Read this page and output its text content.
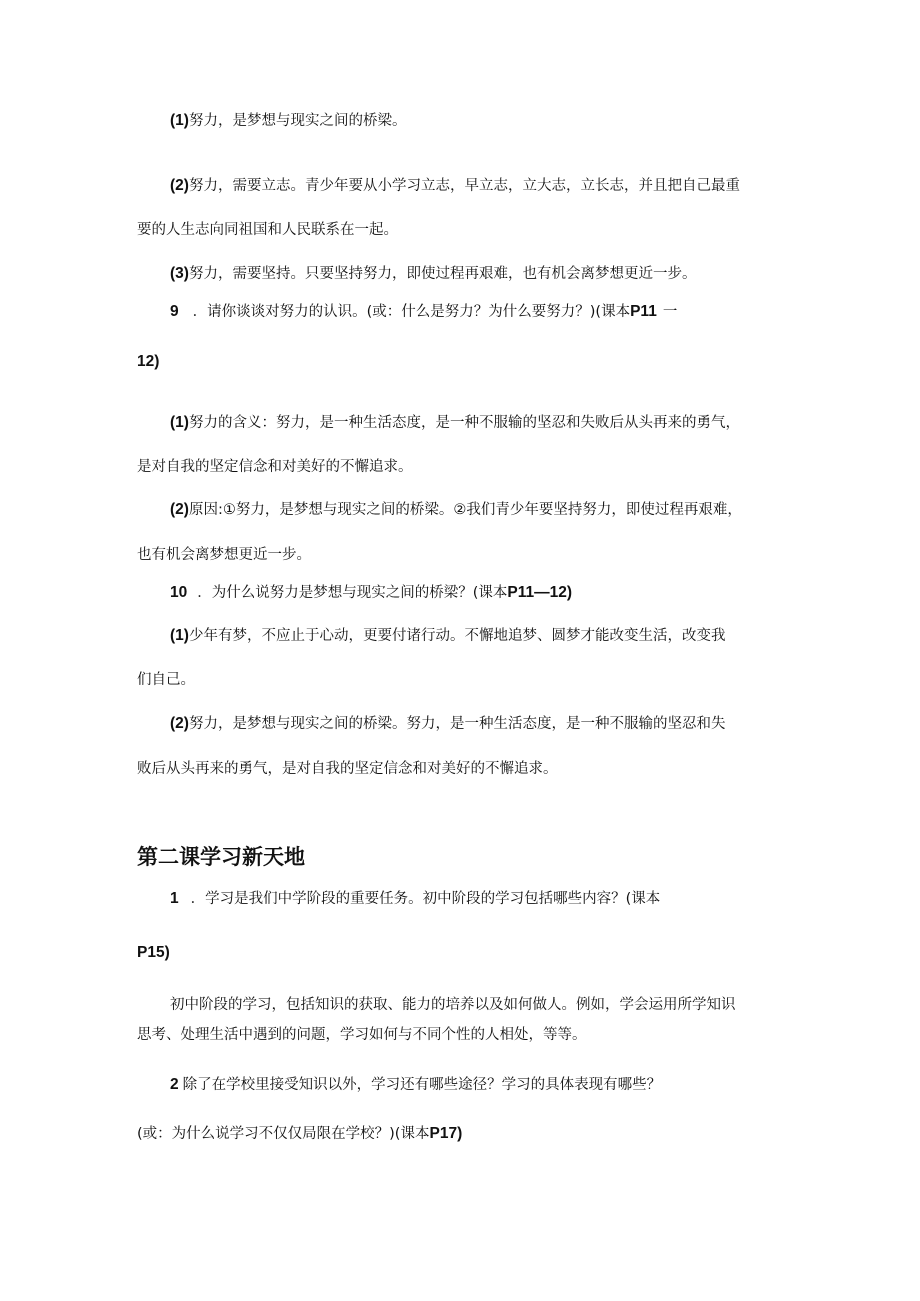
(1)努力，是梦想与现实之间的桥梁。
(2)努力，需要立志。青少年要从小学习立志，早立志，立大志，立长志，并且把自己最重
要的人生志向同祖国和人民联系在一起。
(3)努力，需要坚持。只要坚持努力，即使过程再艰难，也有机会离梦想更近一步。
9 ．请你谈谈对努力的认识。(或：什么是努力？为什么要努力？)(课本P11 一
12)
(1)努力的含义：努力，是一种生活态度，是一种不服输的坚忍和失败后从头再来的勇气，
是对自我的坚定信念和对美好的不懈追求。
(2)原因:①努力，是梦想与现实之间的桥梁。②我们青少年要坚持努力，即使过程再艰难，
也有机会离梦想更近一步。
10 ．为什么说努力是梦想与现实之间的桥梁？(课本P11—12)
(1)少年有梦，不应止于心动，更要付诸行动。不懈地追梦、圆梦才能改变生活，改变我
们自己。
(2)努力，是梦想与现实之间的桥梁。努力，是一种生活态度，是一种不服输的坚忍和失
败后从头再来的勇气，是对自我的坚定信念和对美好的不懈追求。
第二课学习新天地
1 ．学习是我们中学阶段的重要任务。初中阶段的学习包括哪些内容？(课本
P15)
初中阶段的学习，包括知识的获取、能力的培养以及如何做人。例如，学会运用所学知识
思考、处理生活中遇到的问题，学习如何与不同个性的人相处，等等。
2 除了在学校里接受知识以外，学习还有哪些途径？学习的具体表现有哪些？
(或：为什么说学习不仅仅局限在学校？)(课本P17)
